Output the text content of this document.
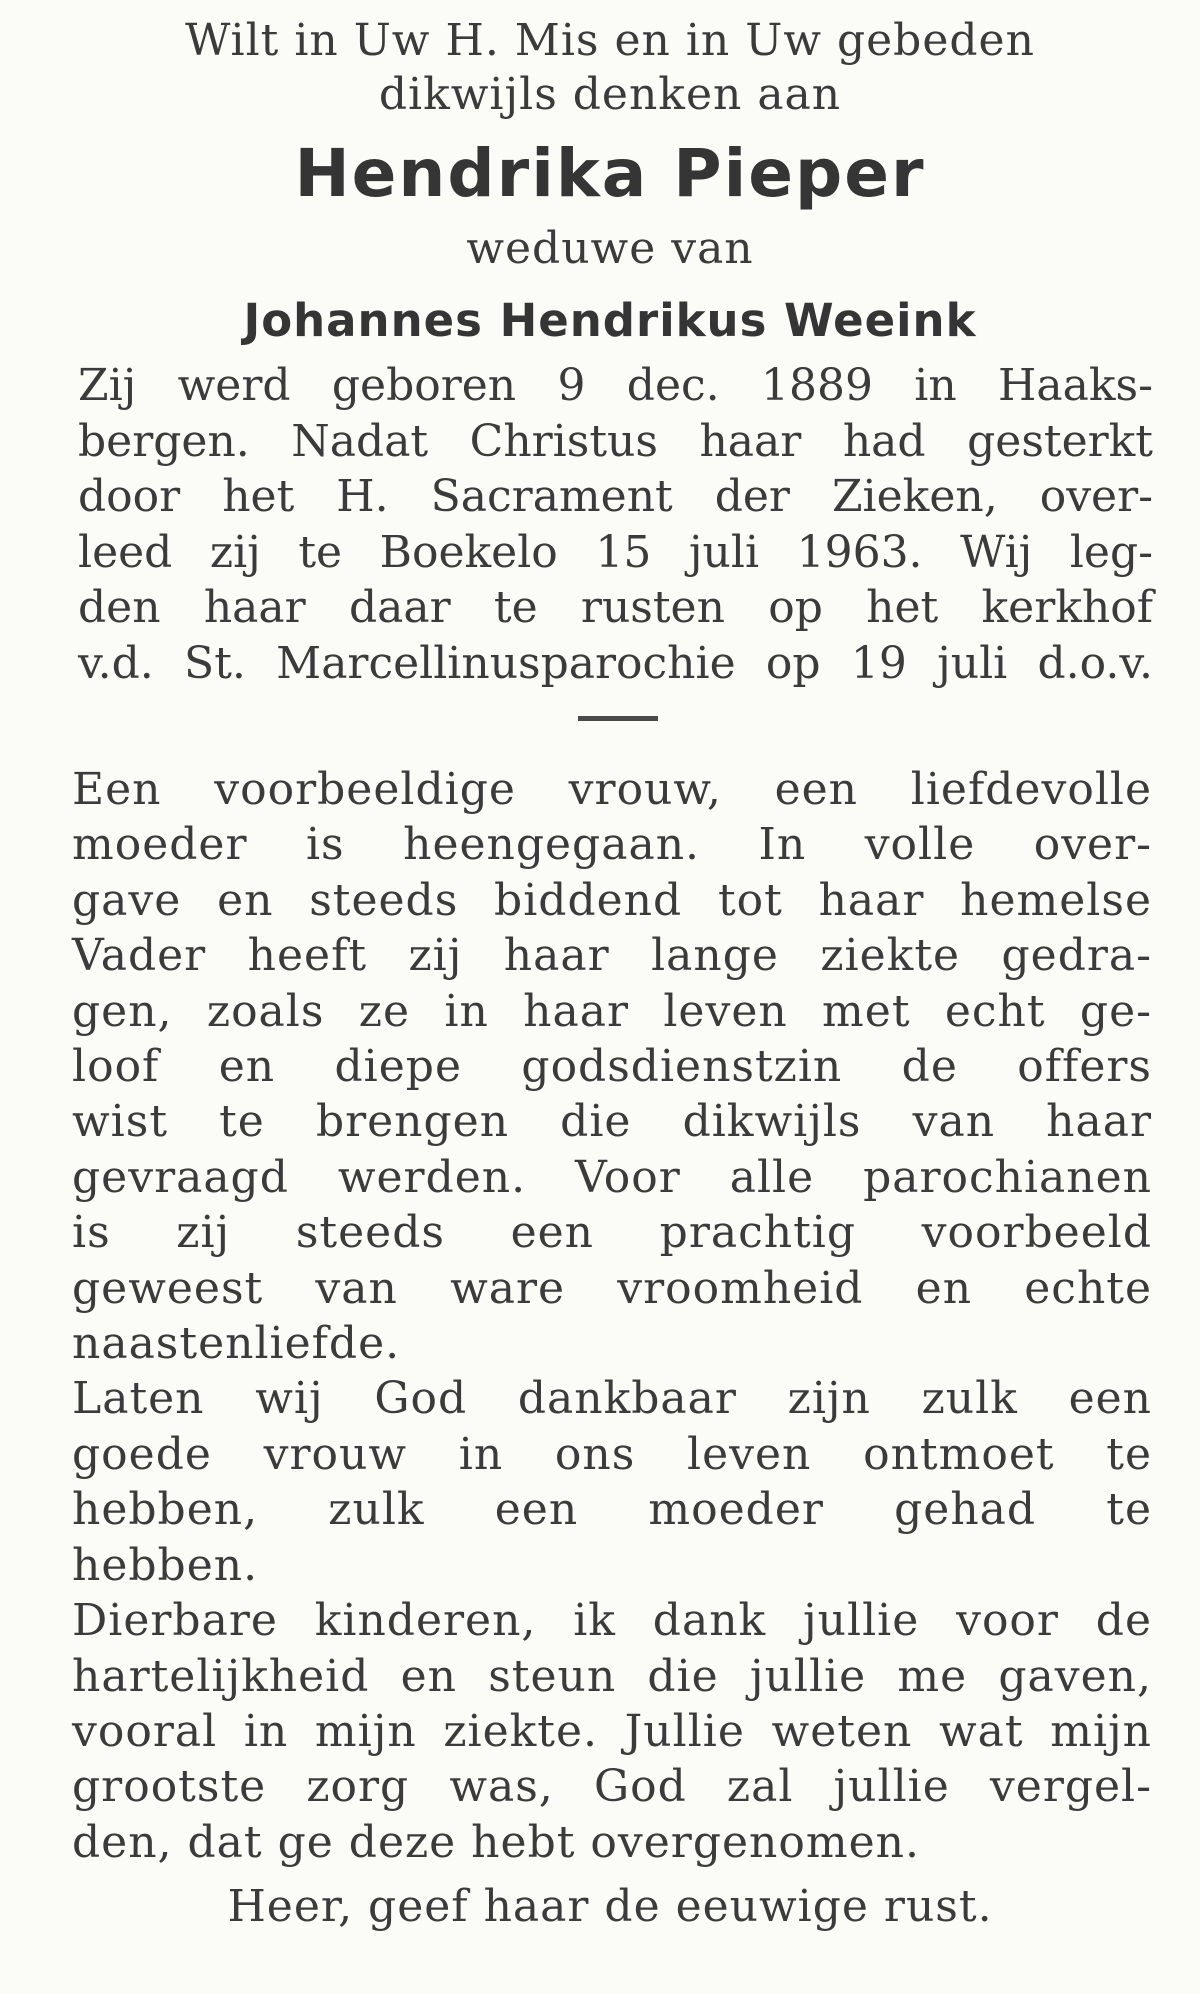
Wilt in Uw H. Mis en in Uw gebeden
dikwijls denken aan
Hendrika Pieper
weduwe van
Johannes Hendrikus Weeink
Zij werd geboren 9 dec. 1889 in Haaks-
bergen. Nadat Christus haar had gesterkt
door het H. Sacrament der Zieken, over-
leed zij te Boekelo 15 juli 1963. Wij leg-
den haar daar te rusten op het kerkhof
v.d. St. Marcellinusparochie op 19 juli d.o.v.
Een voorbeeldige vrouw, een liefdevolle
moeder is heengegaan. In volle over-
gave en steeds biddend tot haar hemelse
Vader heeft zij haar lange ziekte gedra-
gen, zoals ze in haar leven met echt ge-
loof en diepe godsdienstzin de offers
wist te brengen die dikwijls van haar
gevraagd werden. Voor alle parochianen
is zij steeds een prachtig voorbeeld
geweest van ware vroomheid en echte
naastenliefde.
Laten wij God dankbaar zijn zulk een
goede vrouw in ons leven ontmoet te
hebben, zulk een moeder gehad te
hebben.
Dierbare kinderen, ik dank jullie voor de
hartelijkheid en steun die jullie me gaven,
vooral in mijn ziekte. Jullie weten wat mijn
grootste zorg was, God zal jullie vergel-
den, dat ge deze hebt overgenomen.
Heer, geef haar de eeuwige rust.
